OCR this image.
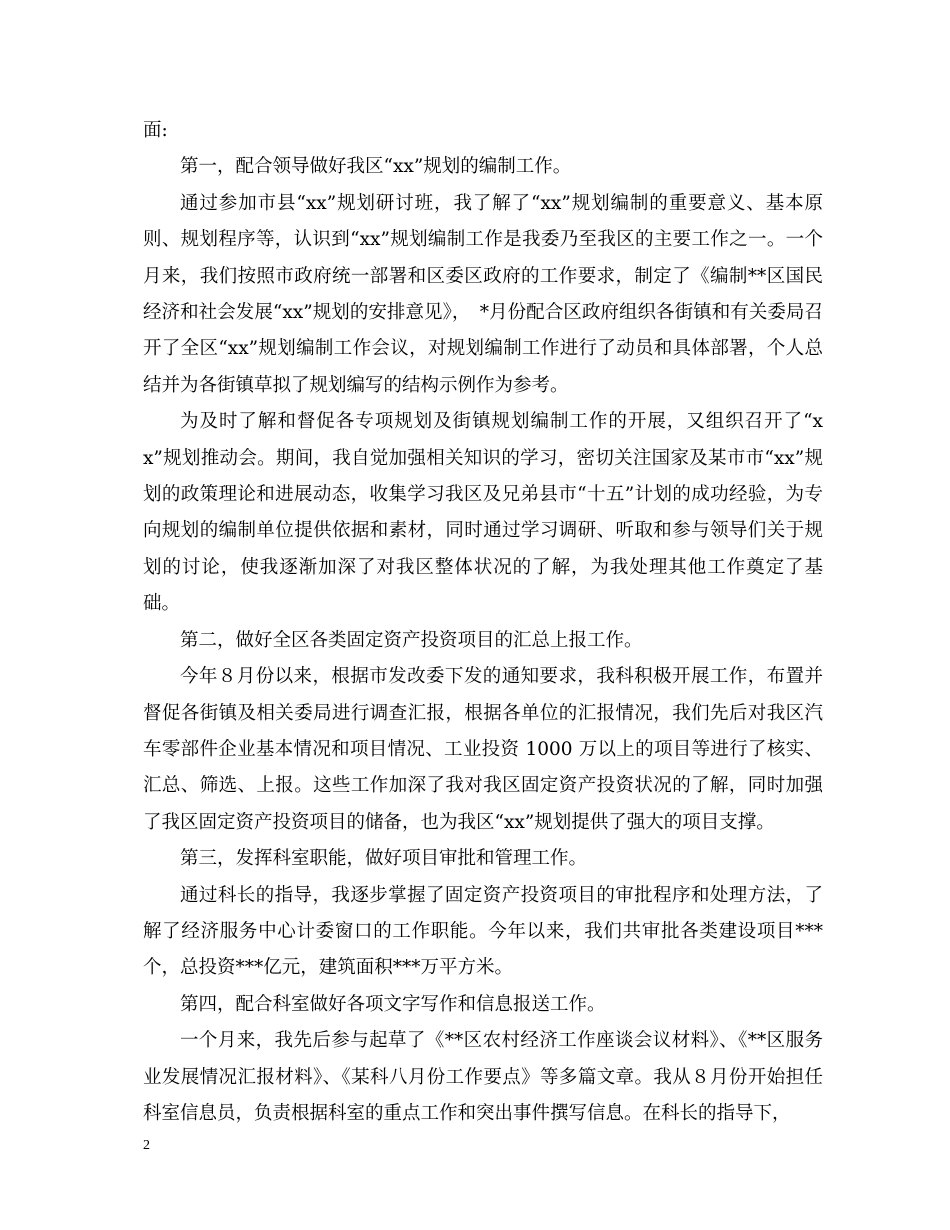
面:

第一，配合领导做好我区“xx”规划的编制工作。

通过参加市县“xx”规划研讨班，我了解了“xx”规划编制的重要意义、基本原则、规划程序等，认识到“xx”规划编制工作是我委乃至我区的主要工作之一。一个月来，我们按照市政府统一部署和区委区政府的工作要求，制定了《编制**区国民经济和社会发展“xx”规划的安排意见》，　*月份配合区政府组织各街镇和有关委局召开了全区“xx”规划编制工作会议，对规划编制工作进行了动员和具体部署，个人总结并为各街镇草拟了规划编写的结构示例作为参考。

为及时了解和督促各专项规划及街镇规划编制工作的开展，又组织召开了“xx”规划推动会。期间，我自觉加强相关知识的学习，密切关注国家及某市市“xx”规划的政策理论和进展动态，收集学习我区及兄弟县市“十五”计划的成功经验，为专向规划的编制单位提供依据和素材，同时通过学习调研、听取和参与领导们关于规划的讨论，使我逐渐加深了对我区整体状况的了解，为我处理其他工作奠定了基础。

第二，做好全区各类固定资产投资项目的汇总上报工作。

今年８月份以来，根据市发改委下发的通知要求，我科积极开展工作，布置并督促各街镇及相关委局进行调查汇报，根据各单位的汇报情况，我们先后对我区汽车零部件企业基本情况和项目情况、工业投资 1000 万以上的项目等进行了核实、汇总、筛选、上报。这些工作加深了我对我区固定资产投资状况的了解，同时加强了我区固定资产投资项目的储备，也为我区“xx”规划提供了强大的项目支撑。

第三，发挥科室职能，做好项目审批和管理工作。

通过科长的指导，我逐步掌握了固定资产投资项目的审批程序和处理方法，了解了经济服务中心计委窗口的工作职能。今年以来，我们共审批各类建设项目***个，总投资***亿元，建筑面积***万平方米。

第四，配合科室做好各项文字写作和信息报送工作。

一个月来，我先后参与起草了《**区农村经济工作座谈会议材料》、《**区服务业发展情况汇报材料》、《某科八月份工作要点》等多篇文章。我从８月份开始担任科室信息员，负责根据科室的重点工作和突出事件撰写信息。在科长的指导下，

2
